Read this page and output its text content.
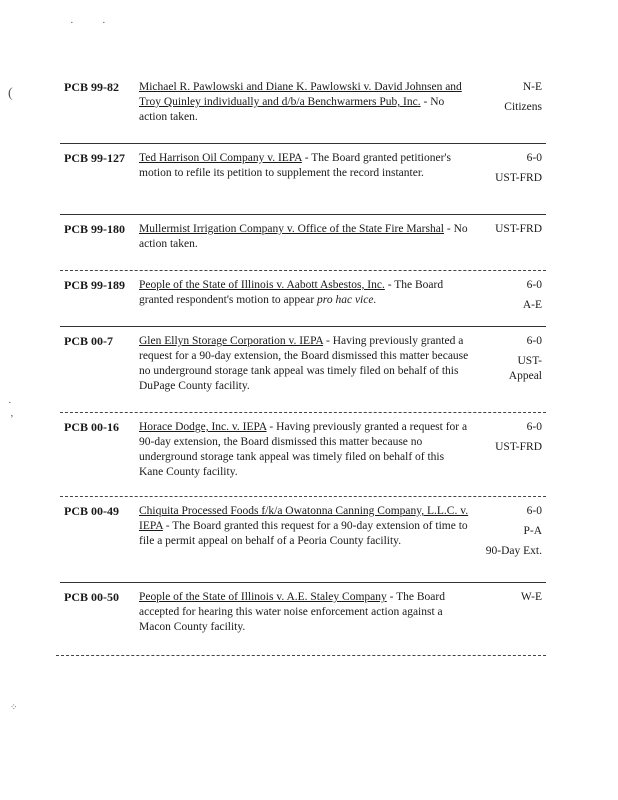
PCB 99-82 Michael R. Pawlowski and Diane K. Pawlowski v. David Johnsen and Troy Quinley individually and d/b/a Benchwarmers Pub, Inc. - No action taken.
N-E
Citizens
PCB 99-127 Ted Harrison Oil Company v. IEPA - The Board granted petitioner's motion to refile its petition to supplement the record instanter.
6-0
UST-FRD
PCB 99-180 Mullermist Irrigation Company v. Office of the State Fire Marshal - No action taken.
UST-FRD
PCB 99-189 People of the State of Illinois v. Aabott Asbestos, Inc. - The Board granted respondent's motion to appear pro hac vice.
6-0
A-E
PCB 00-7 Glen Ellyn Storage Corporation v. IEPA - Having previously granted a request for a 90-day extension, the Board dismissed this matter because no underground storage tank appeal was timely filed on behalf of this DuPage County facility.
6-0
UST-Appeal
PCB 00-16 Horace Dodge, Inc. v. IEPA - Having previously granted a request for a 90-day extension, the Board dismissed this matter because no underground storage tank appeal was timely filed on behalf of this Kane County facility.
6-0
UST-FRD
PCB 00-49 Chiquita Processed Foods f/k/a Owatonna Canning Company, L.L.C. v. IEPA - The Board granted this request for a 90-day extension of time to file a permit appeal on behalf of a Peoria County facility.
6-0
P-A
90-Day Ext.
PCB 00-50 People of the State of Illinois v. A.E. Staley Company - The Board accepted for hearing this water noise enforcement action against a Macon County facility.
W-E
(
·	·
·
‚
⁘
